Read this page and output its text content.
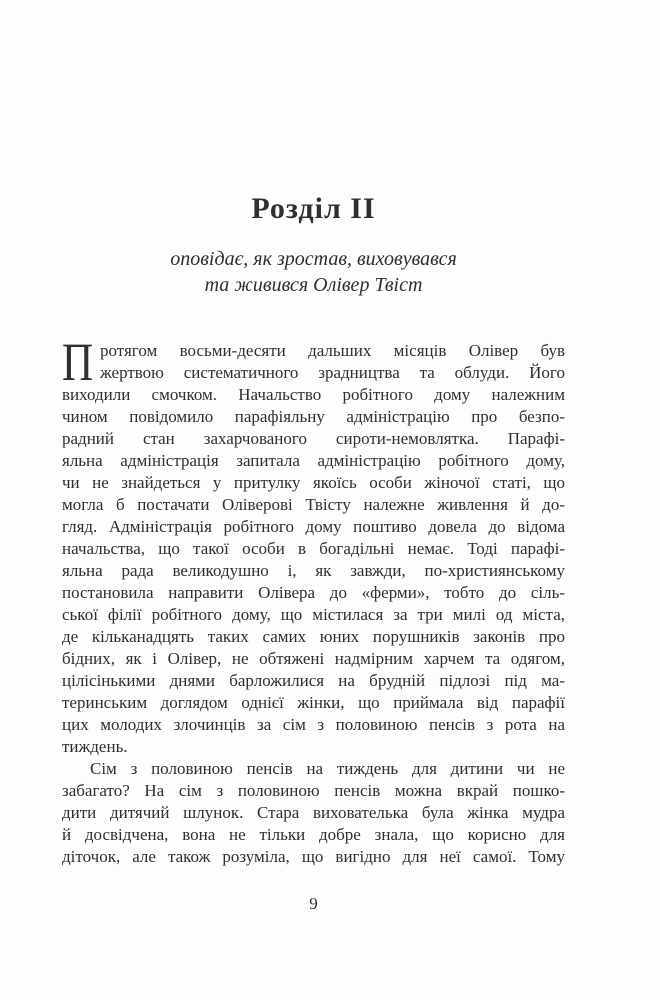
Розділ II
оповідає, як зростав, виховувався
та живився Олівер Твіст
П ротягом восьми-десяти дальших місяців Олівер був
жертвою систематичного зрадництва та облуди. Його
виходили смочком. Начальство робітного дому належним
чином повідомило парафіяльну адміністрацію про безпо-
радний стан захарчованого сироти-немовлятка. Парафі-
яльна адміністрація запитала адміністрацію робітного дому,
чи не знайдеться у притулку якоїсь особи жіночої статі, що
могла б постачати Оліверові Твісту належне живлення й до-
гляд. Адміністрація робітного дому поштиво довела до відома
начальства, що такої особи в богадільні немає. Тоді парафі-
яльна рада великодушно і, як завжди, по-християнському
постановила направити Олівера до «ферми», тобто до сіль-
ської філії робітного дому, що містилася за три милі од міста,
де кільканадцять таких самих юних порушників законів про
бідних, як і Олівер, не обтяжені надмірним харчем та одягом,
цілісінькими днями барложилися на брудній підлозі під ма-
теринським доглядом однієї жінки, що приймала від парафії
цих молодих злочинців за сім з половиною пенсів з рота на
тиждень.
Сім з половиною пенсів на тиждень для дитини чи не
забагато? На сім з половиною пенсів можна вкрай пошко-
дити дитячий шлунок. Стара вихователька була жінка мудра
й досвідчена, вона не тільки добре знала, що корисно для
діточок, але також розуміла, що вигідно для неї самої. Тому
9
